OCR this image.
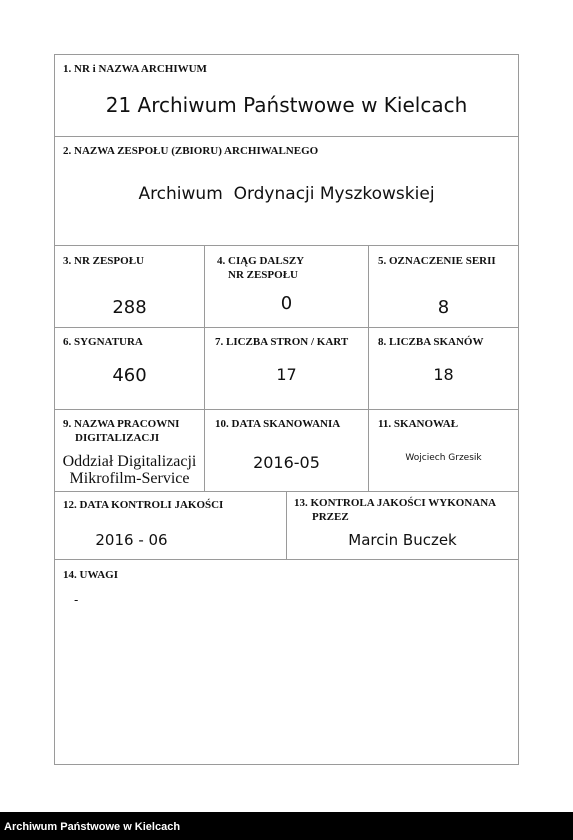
1. NR i NAZWA ARCHIWUM
21 Archiwum Państwowe w Kielcach
2. NAZWA ZESPOŁU (ZBIORU) ARCHIWALNEGO
Archiwum  Ordynacji Myszkowskiej
3. NR ZESPOŁU
288
4. CIĄG DALSZY
NR ZESPOŁU
0
5. OZNACZENIE SERII
8
6. SYGNATURA
460
7. LICZBA STRON / KART
17
8. LICZBA SKANÓW
18
9. NAZWA PRACOWNI
DIGITALIZACJI
Oddział Digitalizacji
Mikrofilm-Service
10. DATA SKANOWANIA
2016-05
11. SKANOWAŁ
Wojciech Grzesik
12. DATA KONTROLI JAKOŚCI
2016 - 06
13. KONTROLA JAKOŚCI WYKONANA
PRZEZ
Marcin Buczek
14. UWAGI
-
Archiwum Państwowe w Kielcach
